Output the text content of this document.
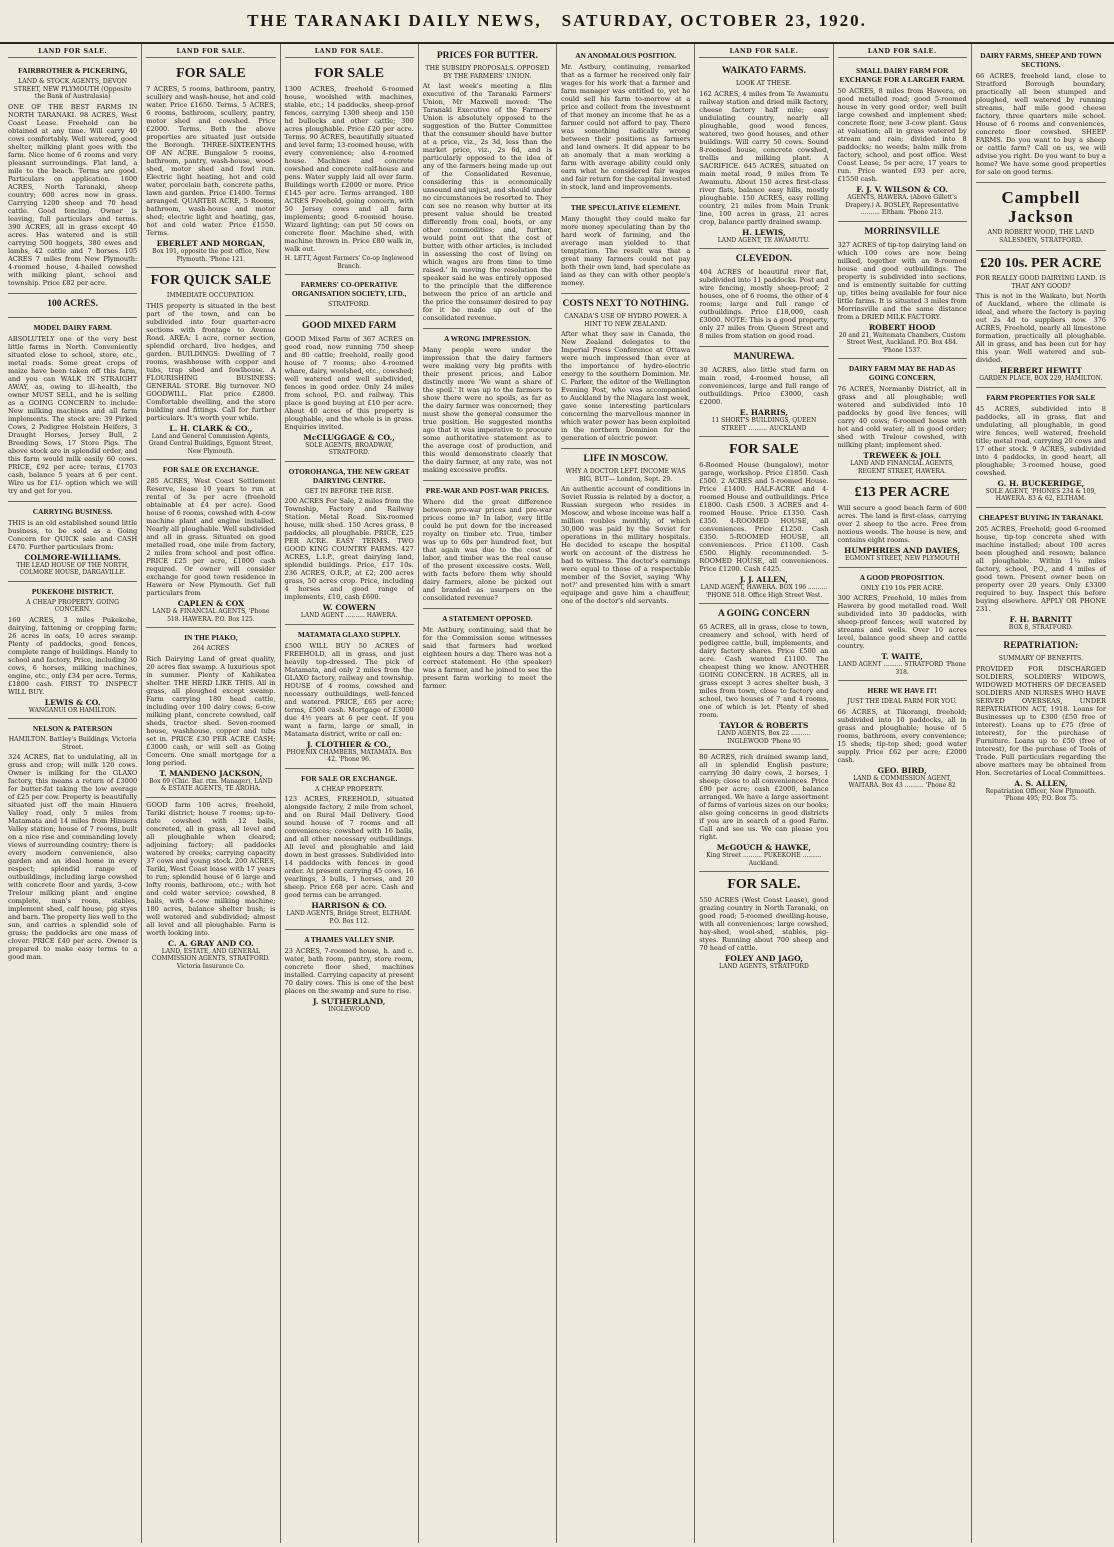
THE TARANAKI DAILY NEWS, SATURDAY, OCTOBER 23, 1920.
LAND FOR SALE.
FAIRBROTHER & PICKERING,
LAND & STOCK AGENTS, DEVON STREET, NEW PLYMOUTH (Opposite the Bank of Australasia)
ONE OF THE BEST FARMS IN NORTH TARANAKI. 98 ACRES, West Coast Lease. Freehold can be obtained at any time. Will carry 40 cows comfortably. Well watered, good shelter, milking plant goes with the farm. Nice home of 6 rooms and very pleasant surroundings. Flat land, a mile to the beach. Terms are good. Particulars on application. 1600 ACRES, North Taranaki, sheep country; 600 acres now in grass. Carrying 1200 sheep and 70 head cattle. Good fencing. Owner is leaving, full particulars and terms. 390 ACRES, all in grass except 40 acres. Has watered and is still carrying 500 hoggets, 380 ewes and lambs, 42 cattle and 7 horses. 105 ACRES 7 miles from New Plymouth: 4-roomed house, 4-bailed cowshed with milking plant, school and township. Price £82 per acre.
100 ACRES.
MODEL DAIRY FARM.
ABSOLUTELY one of the very best little farms in North. Conveniently situated close to school, store, etc., metal roads. Some great crops of maize have been taken off this farm, and you can WALK IN STRAIGHT AWAY, as, owing to ill-health, the owner MUST SELL, and he is selling as a GOING CONCERN to include: New milking machines and all farm implements. The stock are: 39 Pirked Cows, 2 Pedigree Holstein Heifers, 3 Draught Horses, Jersey Bull, 2 Breeding Sows, 17 Store Pigs. The above stock are in splendid order, and this farm would milk easily 60 cows. PRICE, £92 per acre; terms, £1703 cash, balance 5 years at 6 per cent. Wire us for £1/- option which we will try and get for you.
CARRYING BUSINESS.
THIS is an old established sound little business, to be sold as a Going Concern for QUICK sale and CASH £470. Further particulars from:
COLMORE-WILLIAMS.
THE LEAD HOUSE OF THE NORTH, COLMORE HOUSE, DARGAVILLE.
PUKEKOHE DISTRICT.
A CHEAP PROPERTY. GOING CONCERN.
160 ACRES, 3 miles Pukekohe, dairying, fattening or cropping farm; 26 acres in oats, 10 acres swamp. Plenty of paddocks, good fences, complete range of buildings. Handy to school and factory. Price, including 30 cows, 6 horses, milking machines, engine, etc., only £34 per acre. Terms, £1800 cash. FIRST TO INSPECT WILL BUY.
LEWIS & CO.
WANGANUI OR HAMILTON.
NELSON & PATERSON
HAMILTON. Battley's Buildings, Victoria Street.
324 ACRES, flat to undulating, all in grass and crop; will milk 120 cows. Owner is milking for the GLAXO factory, this means a return of £3000 for butter-fat taking the low average of £25 per cow. Property is beautifully situated just off the main Hinuera Valley road, only 5 miles from Matamata and 14 miles from Hinuera Valley station; house of 7 rooms, built on a nice rise and commanding lovely views of surrounding country; there is every modern convenience, also garden and an ideal home in every respect; splendid range of outbuildings, including large cowshed with concrete floor and yards, 3-cow Trelour milking plant and engine complete, man's room, stables, implement shed, calf house, pig styes and barn. The property lies well to the sun, and carries a splendid sole of grass; the paddocks are one mass of clover. PRICE £40 per acre. Owner is prepared to make easy terms to a good man.
LAND FOR SALE.
FOR SALE
7 ACRES, 5 rooms, bathroom, pantry, scullery and wash-house, hot and cold water. Price £1650. Terms. 5 ACRES, 6 rooms, bathroom, scullery, pantry, motor shed and cowshed. Price £2000. Terms. Both the above properties are situated just outside the Borough. THREE-SIXTEENTHS OF AN ACRE. Bungalow 5 rooms, bathroom, pantry, wash-house, wood-shed, motor shed and fowl run. Electric light heating, hot and cold water, porcelain bath, concrete paths, lawn and garden. Price £1400. Terms arranged. QUARTER ACRE, 5 Rooms, bathroom, wash-house and motor shed; electric light and heating, gas, hot and cold water. Price £1550. Terms.
EBERLET AND MORGAN,
Box 191, opposite the post office, New Plymouth. 'Phone 121.
FOR QUICK SALE
IMMEDIATE OCCUPATION.
THIS property is situated in the best part of the town, and can be subdivided into four quarter-acre sections with frontage to Avenue Road. AREA: 1 acre, corner section, splendid orchard, live hedges, and garden. BUILDINGS: Dwelling of 7 rooms, washhouse with copper and tubs, trap shed and fowlhouse. A FLOURISHING BUSINESS: GENERAL STORE. Big turnover. NO GOODWILL. Flat price £2800. Comfortable dwelling, and the store building and fittings. Call for further particulars. It's worth your while.
L. H. CLARK & CO.,
Land and General Commission Agents, Grand Central Buildings, Egmont Street, New Plymouth.
FOR SALE OR EXCHANGE.
285 ACRES, West Coast Settlement Reserve, lease 10 years to run at rental of 3s per acre (freehold obtainable at £4 per acre). Good house of 6 rooms, cowshed with 4-cow machine plant and engine installed. Nearly all ploughable. Well subdivided and all in grass. Situated on good metalled road, one mile from factory, 2 miles from school and post office. PRICE £25 per acre, £1000 cash required. Or owner will consider exchange for good town residence in Hawera or New Plymouth. Get full particulars from
CAPLEN & COX
LAND & FINANCIAL AGENTS, 'Phone 518. HAWERA. P.O. Box 125.
IN THE PIAKO,
264 ACRES
Rich Dairying Land of great quality, 20 acres flax swamp. A luxurious spot in summer. Plenty of Kahikatea shelter. THE HERD LIKE THIS. All in grass, all ploughed except swamp. Farm carrying 180 head cattle, including over 100 dairy cows; 6-cow milking plant, concrete cowshed, calf sheds, tractor shed. Seven-roomed house, washhouse, copper and tubs set in. PRICE £30 PER ACRE CASH; £3000 cash, or will sell as Going Concern. One small mortgage for a long period.
T. MANDENO JACKSON,
Box 69 (Chic. Bar. rtm. Manager), LAND & ESTATE AGENTS, TE AROHA.
GOOD farm 100 acres, freehold, Tariki district; house 7 rooms; up-to-date cowshed with 12 bails, concreted, all in grass, all level and all ploughable when cleared; adjoining factory; all paddocks watered by creeks; carrying capacity 37 cows and young stock. 200 ACRES, Tariki, West Coast lease with 17 years to run; splendid house of 6 large and lofty rooms, bathroom, etc.; with hot and cold water service; cowshed, 8 bails, with 4-cow milking machine; 180 acres, balance shelter bush; is well watered and subdivided; almost all level and all ploughable. Farm is worth looking into.
C. A. GRAY AND CO.
LAND, ESTATE, AND GENERAL COMMISSION AGENTS, STRATFORD. Victoria Insurance Co.
LAND FOR SALE.
FOR SALE
1300 ACRES, freehold 6-roomed house, woolshed with machines, stable, etc.; 14 paddocks, sheep-proof fences, carrying 1300 sheep and 150 hd bullocks and other cattle; 300 acres ploughable. Price £20 per acre. Terms. 90 ACRES, beautifully situated and level farm; 13-roomed house, with every convenience; also 4-roomed house. Machines and concrete cowshed and concrete calf-house and pens. Water supply laid all over farm. Buildings worth £2000 or more. Price £145 per acre. Terms arranged. 180 ACRES Freehold, going concern, with 50 Jersey cows and all farm implements; good 6-roomed house. Wizard lighting; can put 50 cows on concrete floor. Machine shed, with machine thrown in. Price £80 walk in, walk out.
H. LETT, Agent Farmers' Co-op Inglewood Branch.
FARMERS' CO-OPERATIVE ORGANISATION SOCIETY, LTD.,
STRATFORD.
GOOD MIXED FARM
GOOD Mixed Farm of 367 ACRES on good road, now running 750 sheep and 80 cattle; freehold, really good house of 7 rooms; also 4-roomed whare, dairy, woolshed, etc., cowshed; well watered and well subdivided, fences in good order. Only 24 miles from school, P.O. and railway. This place is good buying at £10 per acre. About 40 acres of this property is ploughable, and the whole is in grass. Enquiries invited.
McCLUGGAGE & CO.,
SOLE AGENTS, BROADWAY, STRATFORD.
OTOROHANGA, THE NEW GREAT DAIRYING CENTRE.
GET IN BEFORE THE RISE.
200 ACRES For Sale, 2 miles from the Township, Factory and Railway Station. Metal Road. Six-roomed house, milk shed. 150 Acres grass, 8 paddocks, all ploughable. PRICE, £25 PER ACRE. EASY TERMS. TWO GOOD KING COUNTRY FARMS. 427 ACRES, L.I.P., great dairying land, splendid buildings. Price, £17 10s. 236 ACRES, O.R.P., at £2; 200 acres grass, 50 acres crop. Price, including 4 horses and good range of implements, £10, cash £600.
W. COWERN
LAND AGENT .......... HAWERA.
MATAMATA GLAXO SUPPLY.
£500 WILL BUY 50 ACRES of FREEHOLD, all in grass, and just heavily top-dressed. The pick of Matamata, and only 2 miles from the GLAXO factory, railway and township. HOUSE of 4 rooms, cowshed and necessary outbuildings, well-fenced and watered. PRICE, £65 per acre; terms, £500 cash. Mortgage of £3000 due 4½ years at 6 per cent. If you want a farm, large or small, in Matamata district, write or call on:
J. CLOTHIER & CO.,
PHOENIX CHAMBERS, MATAMATA. Box 42. 'Phone 96.
FOR SALE OR EXCHANGE.
A CHEAP PROPERTY.
123 ACRES, FREEHOLD, situated alongside factory, 2 mile from school, and on Rural Mail Delivery. Good sound house of 7 rooms and all conveniences; cowshed with 16 bails, and all other necessary outbuildings. All level and ploughable and laid down in best grasses. Subdivided into 14 paddocks with fences in good order. At present carrying 45 cows, 16 yearlings, 3 bulls, 1 horses, and 20 sheep. Price £68 per acre. Cash and good terms can be arranged.
HARRISON & CO.
LAND AGENTS, Bridge Street, ELTHAM. P.O. Box 112.
A THAMES VALLEY SNIP.
23 ACRES, 7-roomed house, h. and c. water, bath room, pantry, store room, concrete floor shed, machines installed. Carrying capacity at present 70 dairy cows. This is one of the best places on the swamp and sure to rise.
J. SUTHERLAND,
INGLEWOOD
PRICES FOR BUTTER.
THE SUBSIDY PROPOSALS. OPPOSED BY THE FARMERS' UNION.
At last week's meeting a film executive of the Taranaki Farmers' Union, Mr Maxwell moved: 'The Taranaki Executive of the Farmers' Union is absolutely opposed to the suggestion of the Butter Committee that the consumer should have butter at a price, viz., 2s 3d, less than the market price, viz., 2s 6d, and is particularly opposed to the idea of any of the farmers being made up out of the Consolidated Revenue, considering this is economically unsound and unjust, and should under no circumstances be resorted to. They can see no reason why butter at its present value should be treated differently from coal, boots, or any other commodities; and, further, would point out that the cost of butter, with other articles, is included in assessing the cost of living on which wages are from time to time raised.' In moving the resolution the speaker said he was entirely opposed to the principle that the difference between the price of an article and the price the consumer desired to pay for it be made up out of the consolidated revenue.
A WRONG IMPRESSION.
Many people were under the impression that the dairy farmers were making very big profits with their present prices, and Labor distinctly more 'We want a share of the spoil.' It was up to the farmers to show there were no spoils, as far as the dairy farmer was concerned; they must show the general consumer the true position. He suggested months ago that it was imperative to procure some authoritative statement as to the average cost of production, and this would demonstrate clearly that the dairy farmer, at any rate, was not making excessive profits.
PRE-WAR AND POST-WAR PRICES.
Where did the great difference between pre-war prices and pre-war prices come in? In labor, very little could be put down for the increased royalty on timber etc. True, timber was up to 60s per hundred feet, but that again was due to the cost of labor, and timber was the real cause of the present excessive costs. Well, with facts before them why should dairy farmers, alone be picked out and branded as usurpers on the consolidated revenue?
A STATEMENT OPPOSED.
Mr. Astbury, continuing, said that he for the Commission some witnesses said that farmers had worked eighteen hours a day. There was not a correct statement. He (the speaker) was a farmer, and he joined to see the present farm working to meet the farmer.
AN ANOMALOUS POSITION.
Mr. Astbury, continuing, remarked that as a farmer he received only fair wages for his work that a farmer and farm manager was entitled to, yet he could sell his farm to-morrow at a price and collect from the investment of that money an income that he as a farmer could not afford to pay. There was something radically wrong between their positions as farmers and land owners. It did appear to be an anomaly that a man working a farm with average ability could only earn what he considered fair wages and fair return for the capital invested in stock, land and improvements.
THE SPECULATIVE ELEMENT.
Many thought they could make far more money speculating than by the hard work of farming, and the average man yielded to that temptation. The result was that a great many farmers could not pay both their own land, had speculate as land as they can with other people's money.
COSTS NEXT TO NOTHING.
CANADA'S USE OF HYDRO POWER. A HINT TO NEW ZEALAND.
After what they saw in Canada, the New Zealand delegates to the Imperial Press Conference at Ottawa were much impressed than ever at the importance of hydro-electric energy to the southern Dominion. Mr. C. Parker, the editor of the Wellington Evening Post, who was accompanied to Auckland by the Niagara last week, gave some interesting particulars concerning the marvellous manner in which water power has been exploited in the northern Dominion for the generation of electric power.
LIFE IN MOSCOW.
WHY A DOCTOR LEFT. INCOME WAS BIG, BUT— London, Sept. 29.
An authentic account of conditions in Soviet Russia is related by a doctor, a Russian surgeon who resides in Moscow, and whose income was half a million roubles monthly, of which 30,000 was paid by the Soviet for operations in the military hospitals. He decided to escape the hospital work on account of the distress he had to witness. The doctor's earnings were equal to those of a respectable member of the Soviet, saying 'Why not?' and presented him with a smart equipage and gave him a chauffeur, one of the doctor's old servants.
LAND FOR SALE.
WAIKATO FARMS.
LOOK AT THESE.
162 ACRES, 4 miles from Te Awamutu railway station and dried milk factory, cheese factory half mile; easy undulating country, nearly all ploughable, good wood fences, watered, two good houses, and other buildings. Will carry 50 cows. Sound 8-roomed house, concrete cowshed, trellis and milking plant. A SACRIFICE. 645 ACRES, situated on main metal road, 9 miles from Te Awamutu. About 150 acres first-class river flats, balance easy hills, mostly ploughable. 150 ACRES, easy rolling country, 21 miles from Main Trunk line, 100 acres in grass, 21 acres crop, balance partly drained swamp.
H. LEWIS,
LAND AGENT, TE AWAMUTU.
CLEVEDON.
404 ACRES of beautiful river flat, subdivided into 11 paddocks. Post and wire fencing, mostly sheep-proof; 2 houses, one of 6 rooms, the other of 4 rooms; large and full range of outbuildings. Price £18,000, cash £3000. NOTE: This is a good property, only 27 miles from Queen Street and 8 miles from station on good road.
MANUREWA.
30 ACRES, also little stud farm on main road, 4-roomed house, all conveniences, large and full range of outbuildings. Price £3000, cash £2000.
E. HARRIS,
11 SHORT'S BUILDINGS, QUEEN STREET .......... AUCKLAND
FOR SALE
6-Roomed House (bungalow), motor garage, workshop. Price £1850. Cash £500. 2 ACRES and 5-roomed House. Price £1400. HALF-ACRE and 4-roomed House and outbuildings. Price £1800. Cash £500. 3 ACRES and 4-roomed House. Price £1350. Cash £350. 4-ROOMED HOUSE, all conveniences. Price £1250. Cash £350. 5-ROOMED HOUSE, all conveniences. Price £1100. Cash £500. Highly recommended. 5-ROOMED HOUSE, all conveniences. Price £1200. Cash £425.
J. J. ALLEN,
LAND AGENT, HAWERA. BOX 196 .......... 'PHONE 518. Office High Street West.
A GOING CONCERN
65 ACRES, all in grass, close to town, creamery and school, with herd of pedigree cattle, bull, implements, and dairy factory shares. Price £500 an acre. Cash wanted £1100. The cheapest thing we know. ANOTHER GOING CONCERN. 18 ACRES, all in grass except 3 acres shelter bush, 3 miles from town, close to factory and school, two houses of 7 and 4 rooms, one of which is let. Plenty of shed room.
TAYLOR & ROBERTS
LAND AGENTS, Box 22 .......... INGLEWOOD 'Phone 95
80 ACRES, rich drained swamp land, all in splendid English pasture; carrying 30 dairy cows, 2 horses, 1 sheep; close to all conveniences. Price £90 per acre; cash £2000, balance arranged. We have a large assortment of farms of various sizes on our books; also going concerns in good districts if you are in search of a good Farm. Call and see us. We can please you right.
McGOUCH & HAWKE,
King Street .......... PUKEKOHE .......... Auckland.
FOR SALE.
550 ACRES (West Coast Lease), good grazing country in North Taranaki, on good road; 5-roomed dwelling-house, with all conveniences; large cowshed, hay-shed, wool-shed, stables, pig-styes. Running about 700 sheep and 70 head of cattle.
FOLEY AND JAGO,
LAND AGENTS, STRATFORD
LAND FOR SALE.
SMALL DAIRY FARM FOR EXCHANGE FOR A LARGER FARM.
50 ACRES, 8 miles from Hawera, on good metalled road; good 5-roomed house in very good order; well built large cowshed and implement shed; concrete floor, new 3-cow plant. Gaus at valuation; all in grass watered by stream and rain; divided into 8 paddocks; no weeds; balm milk from factory, school, and post office. West Coast Lease, 5s per acre, 17 years to run. Price wanted £93 per acre, £1550 cash.
F. J. V. WILSON & CO.
AGENTS, HAWERA. (Above Gillett's Drapery.) A. BOSLEY, Representative .......... Eltham. 'Phone 213.
MORRINSVILLE
327 ACRES of tip-top dairying land on which 100 cows are now being milked, together with an 8-roomed house and good outbuildings. The property is subdivided into sections, and is eminently suitable for cutting up, titles being available for four nice little farms. It is situated 3 miles from Morrinsville and the same distance from a DRIED MILK FACTORY.
ROBERT HOOD
20 and 21, Waitemata Chambers, Custom Street West, Auckland. P.O. Box 484. 'Phone 1537.
DAIRY FARM MAY BE HAD AS GOING CONCERN,
76 ACRES, Normanby District, all in grass and all ploughable; well watered and subdivided into 10 paddocks by good live fences, will carry 40 cows; 6-roomed house with hot and cold water; all in good order; shed with Trelour cowshed, with milking plant; implement shed.
TREWEEK & JOLL
LAND AND FINANCIAL AGENTS, REGENT STREET, HAWERA.
£13 PER ACRE
Will secure a good beach farm of 600 acres. The land is first-class, carrying over 2 sheep to the acre. Free from noxious weeds. The house is new, and contains eight rooms.
HUMPHRIES AND DAVIES,
EGMONT STREET, NEW PLYMOUTH
A GOOD PROPOSITION.
ONLY £19 10s PER ACRE.
300 ACRES, Freehold, 10 miles from Hawera by good metalled road. Well subdivided into 30 paddocks, with sheep-proof fences; well watered by streams and wells. Over 10 acres level, balance good sheep and cattle country.
T. WAITE,
LAND AGENT .......... STRATFORD 'Phone 318.
HERE WE HAVE IT!
JUST THE IDEAL FARM FOR YOU.
66 ACRES, at Tikorangi, freehold; subdivided into 10 paddocks, all in grass and ploughable; house of 5 rooms, bathroom, every convenience; 15 sheds; tip-top shed; good water supply. Price £62 per acre; £2000 cash.
GEO. BIRD,
LAND & COMMISSION AGENT, WAITARA. Box 43 .......... 'Phone 82
DAIRY FARMS, SHEEP AND TOWN SECTIONS.
66 ACRES, freehold land, close to Stratford Borough boundary, practically all been stumped and ploughed, well watered by running streams, half mile good cheese factory, three quarters mile school. House of 6 rooms and conveniences, concrete floor cowshed. SHEEP FARMS. Do you want to buy a sheep or cattle farm? Call on us, we will advise you right. Do you want to buy a home? We have some good properties for sale on good terms.
Campbell Jackson
AND ROBERT WOOD, THE LAND SALESMEN, STRATFORD.
£20 10s. PER ACRE
FOR REALLY GOOD DAIRYING LAND. IS THAT ANY GOOD?
This is not in the Waikato, but North of Auckland, where the climate is ideal, and where the factory is paying out 2s 4d to suppliers now. 376 ACRES, Freehold, nearly all limestone formation, practically all ploughable. All in grass, and has been cut for hay this year. Well watered and sub-divided.
HERBERT HEWITT
GARDEN PLACE, BOX 229, HAMILTON.
FARM PROPERTIES FOR SALE
45 ACRES, subdivided into 8 paddocks, all in grass, flat and undulating, all ploughable, in good wire fences, well watered, freehold title; metal road, carrying 20 cows and 17 other stock. 9 ACRES, subdivided into 4 paddocks, in good heart, all ploughable; 3-roomed house, good cowshed.
G. H. BUCKERIDGE,
SOLE AGENT, 'PHONES 234 & 109, HAWERA. 83 & 62, ELTHAM.
CHEAPEST BUYING IN TARANAKI.
205 ACRES, Freehold; good 6-roomed house, tip-top concrete shed with machine installed; about 100 acres been ploughed and resown; balance all ploughable. Within 1¼ miles factory, school, P.O., and 4 miles of good town. Present owner been on property over 20 years. Only £3300 required to buy. Inspect this before buying elsewhere. APPLY OR PHONE 231.
F. H. BARNITT
BOX 8, STRATFORD.
REPATRIATION:
SUMMARY OF BENEFITS.
PROVIDED FOR DISCHARGED SOLDIERS, SOLDIERS' WIDOWS, WIDOWED MOTHERS OF DECEASED SOLDIERS AND NURSES WHO HAVE SERVED OVERSEAS, UNDER REPATRIATION ACT, 1918. Loans for Businesses up to £300 (£50 free of interest). Loans up to £75 (free of interest), for the purchase of Furniture. Loans up to £50 (free of interest), for the purchase of Tools of Trade. Full particulars regarding the above matters may be obtained from Hon. Secretaries of Local Committees.
A. S. ALLEN,
Repatriation Officer, New Plymouth. 'Phone 495; P.O. Box 75.
